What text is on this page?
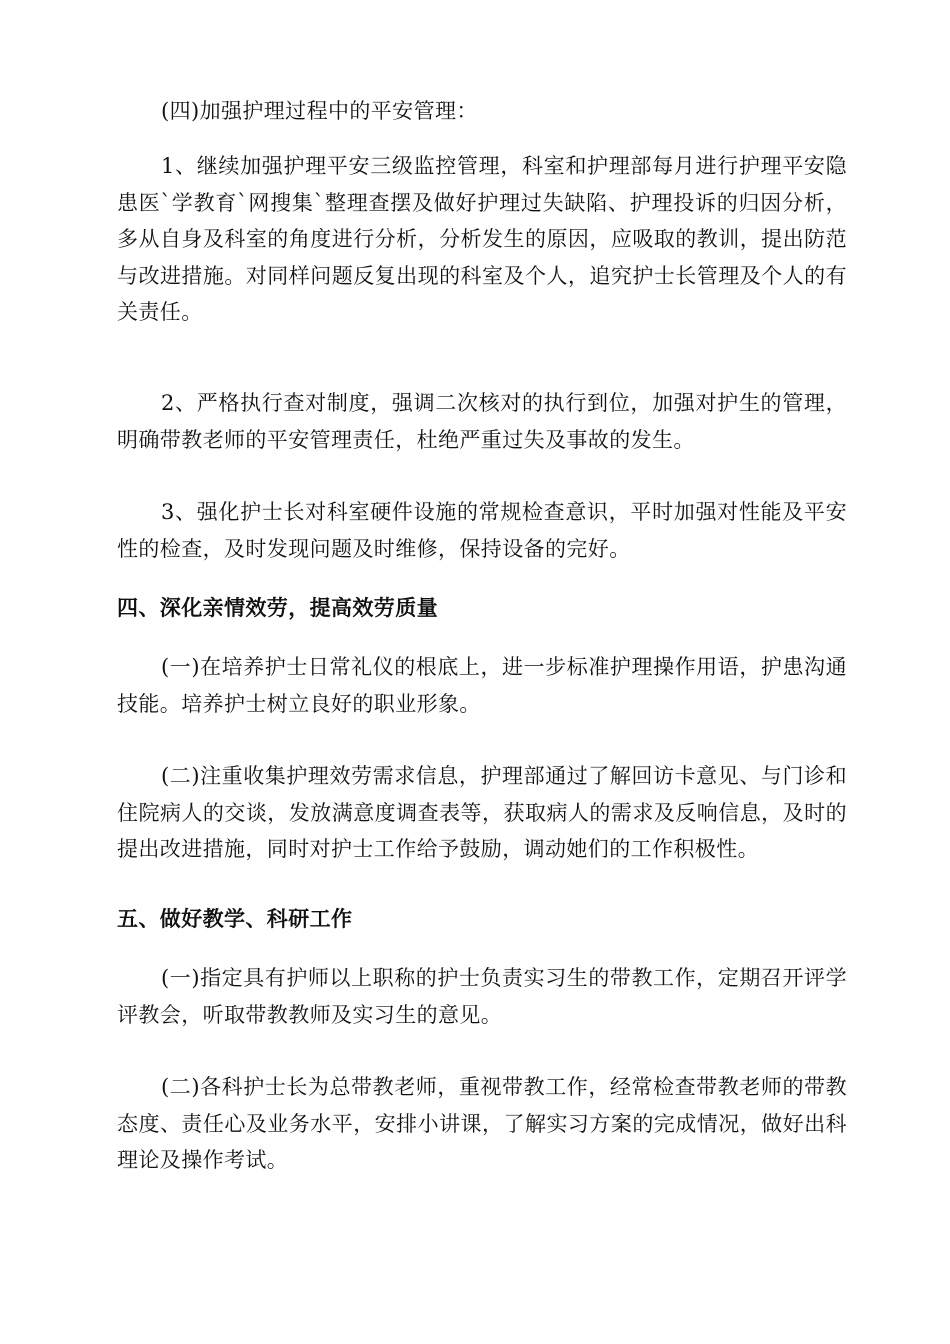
(四)加强护理过程中的平安管理：

1、继续加强护理平安三级监控管理，科室和护理部每月进行护理平安隐患医`学教育`网搜集`整理查摆及做好护理过失缺陷、护理投诉的归因分析，多从自身及科室的角度进行分析，分析发生的原因，应吸取的教训，提出防范与改进措施。对同样问题反复出现的科室及个人，追究护士长管理及个人的有关责任。

2、严格执行查对制度，强调二次核对的执行到位，加强对护生的管理，明确带教老师的平安管理责任，杜绝严重过失及事故的发生。

3、强化护士长对科室硬件设施的常规检查意识，平时加强对性能及平安性的检查，及时发现问题及时维修，保持设备的完好。

四、深化亲情效劳，提高效劳质量

(一)在培养护士日常礼仪的根底上，进一步标准护理操作用语，护患沟通技能。培养护士树立良好的职业形象。

(二)注重收集护理效劳需求信息，护理部通过了解回访卡意见、与门诊和住院病人的交谈，发放满意度调查表等，获取病人的需求及反响信息，及时的提出改进措施，同时对护士工作给予鼓励，调动她们的工作积极性。

五、做好教学、科研工作

(一)指定具有护师以上职称的护士负责实习生的带教工作，定期召开评学评教会，听取带教教师及实习生的意见。

(二)各科护士长为总带教老师，重视带教工作，经常检查带教老师的带教态度、责任心及业务水平，安排小讲课，了解实习方案的完成情况，做好出科理论及操作考试。
